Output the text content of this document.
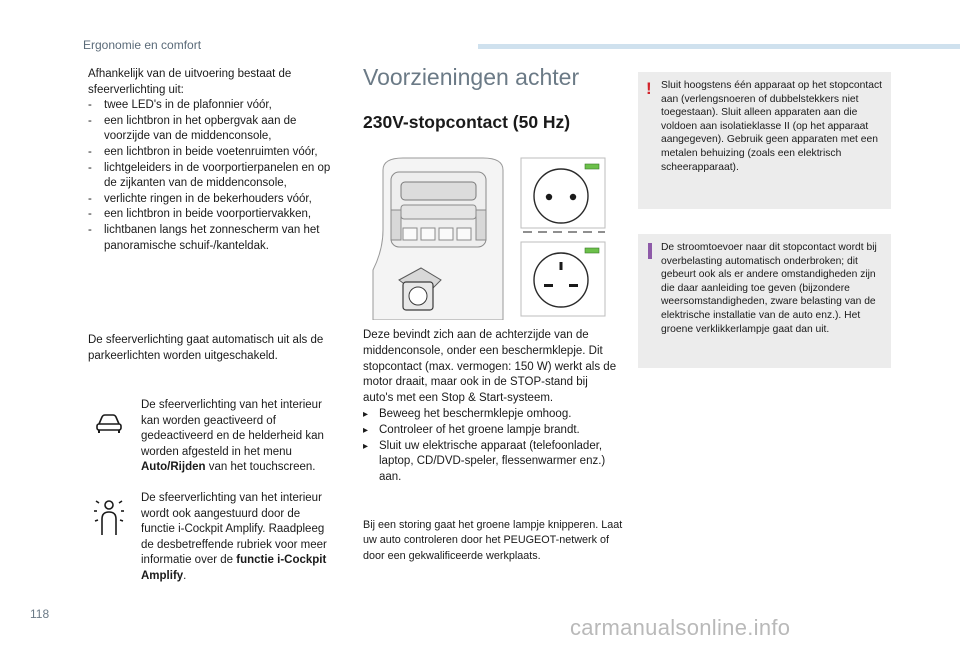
Ergonomie en comfort

Afhankelijk van de uitvoering bestaat de sfeerverlichting uit:

- twee LED's in de plafonnier vóór,
- een lichtbron in het opbergvak aan de voorzijde van de middenconsole,
- een lichtbron in beide voetenruimten vóór,
- lichtgeleiders in de voorportierpanelen en op de zijkanten van de middenconsole,
- verlichte ringen in de bekerhouders vóór,
- een lichtbron in beide voorportiervakken,
- lichtbanen langs het zonnescherm van het panoramische schuif-/kanteldak.
De sfeerverlichting gaat automatisch uit als de parkeerlichten worden uitgeschakeld.
De sfeerverlichting van het interieur kan worden geactiveerd of gedeactiveerd en de helderheid kan worden afgesteld in het menu Auto/Rijden van het touchscreen.
De sfeerverlichting van het interieur wordt ook aangestuurd door de functie i-Cockpit Amplify. Raadpleeg de desbetreffende rubriek voor meer informatie over de functie i-Cockpit Amplify.
Voorzieningen achter
230V-stopcontact (50 Hz)

Deze bevindt zich aan de achterzijde van de middenconsole, onder een beschermklepje. Dit stopcontact (max. vermogen: 150 W) werkt als de motor draait, maar ook in de STOP-stand bij auto's met een Stop & Start-systeem.

▸ Beweeg het beschermklepje omhoog.
▸ Controleer of het groene lampje brandt.
▸ Sluit uw elektrische apparaat (telefoonlader, laptop, CD/DVD-speler, flessenwarmer enz.) aan.
Bij een storing gaat het groene lampje knipperen. Laat uw auto controleren door het PEUGEOT-netwerk of door een gekwalificeerde werkplaats.
! Sluit hoogstens één apparaat op het stopcontact aan (verlengsnoeren of dubbelstekkers niet toegestaan). Sluit alleen apparaten aan die voldoen aan isolatieklasse II (op het apparaat aangegeven). Gebruik geen apparaten met een metalen behuizing (zoals een elektrisch scheerapparaat).
De stroomtoevoer naar dit stopcontact wordt bij overbelasting automatisch onderbroken; dit gebeurt ook als er andere omstandigheden zijn die daar aanleiding toe geven (bijzondere weersomstandigheden, zware belasting van de elektrische installatie van de auto enz.). Het groene verklikkerlampje gaat dan uit.
118
carmanualsonline.info
